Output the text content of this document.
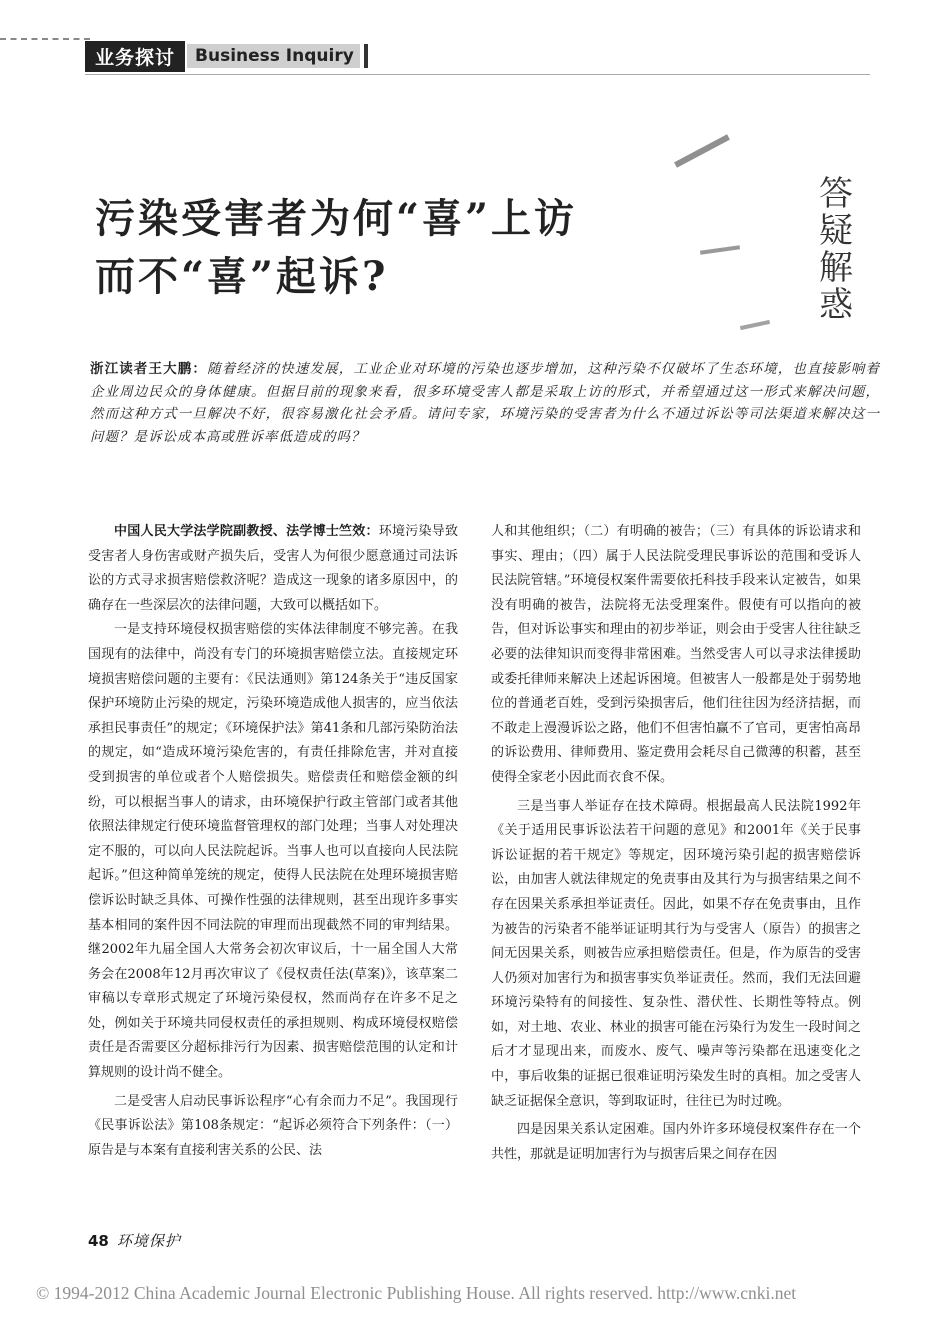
业务探讨	Business Inquiry
污染受害者为何“喜”上访
而不“喜”起诉?
答
疑
解
惑
浙江读者王大鹏：随着经济的快速发展，工业企业对环境的污染也逐步增加，这种污染不仅破坏了生态环境，也直接影响着企业周边民众的身体健康。但据目前的现象来看，很多环境受害人都是采取上访的形式，并希望通过这一形式来解决问题，然而这种方式一旦解决不好，很容易激化社会矛盾。请问专家，环境污染的受害者为什么不通过诉讼等司法渠道来解决这一问题？是诉讼成本高或胜诉率低造成的吗？

中国人民大学法学院副教授、法学博士竺效：环境污染导致受害者人身伤害或财产损失后，受害人为何很少愿意通过司法诉讼的方式寻求损害赔偿救济呢？造成这一现象的诸多原因中，的确存在一些深层次的法律问题，大致可以概括如下。

一是支持环境侵权损害赔偿的实体法律制度不够完善。在我国现有的法律中，尚没有专门的环境损害赔偿立法。直接规定环境损害赔偿问题的主要有：《民法通则》第124条关于“违反国家保护环境防止污染的规定，污染环境造成他人损害的，应当依法承担民事责任”的规定；《环境保护法》第41条和几部污染防治法的规定，如“造成环境污染危害的，有责任排除危害，并对直接受到损害的单位或者个人赔偿损失。赔偿责任和赔偿金额的纠纷，可以根据当事人的请求，由环境保护行政主管部门或者其他依照法律规定行使环境监督管理权的部门处理；当事人对处理决定不服的，可以向人民法院起诉。当事人也可以直接向人民法院起诉。”但这种简单笼统的规定，使得人民法院在处理环境损害赔偿诉讼时缺乏具体、可操作性强的法律规则，甚至出现许多事实基本相同的案件因不同法院的审理而出现截然不同的审判结果。继2002年九届全国人大常务会初次审议后，十一届全国人大常务会在2008年12月再次审议了《侵权责任法(草案)》，该草案二审稿以专章形式规定了环境污染侵权，然而尚存在许多不足之处，例如关于环境共同侵权责任的承担规则、构成环境侵权赔偿责任是否需要区分超标排污行为因素、损害赔偿范围的认定和计算规则的设计尚不健全。

二是受害人启动民事诉讼程序“心有余而力不足”。我国现行《民事诉讼法》第108条规定：“起诉必须符合下列条件：（一）原告是与本案有直接利害关系的公民、法

人和其他组织；（二）有明确的被告；（三）有具体的诉讼请求和事实、理由；（四）属于人民法院受理民事诉讼的范围和受诉人民法院管辖。”环境侵权案件需要依托科技手段来认定被告，如果没有明确的被告，法院将无法受理案件。假使有可以指向的被告，但对诉讼事实和理由的初步举证，则会由于受害人往往缺乏必要的法律知识而变得非常困难。当然受害人可以寻求法律援助或委托律师来解决上述起诉困境。但被害人一般都是处于弱势地位的普通老百姓，受到污染损害后，他们往往因为经济拮据，而不敢走上漫漫诉讼之路，他们不但害怕赢不了官司，更害怕高昂的诉讼费用、律师费用、鉴定费用会耗尽自己微薄的积蓄，甚至使得全家老小因此而衣食不保。

三是当事人举证存在技术障碍。根据最高人民法院1992年《关于适用民事诉讼法若干问题的意见》和2001年《关于民事诉讼证据的若干规定》等规定，因环境污染引起的损害赔偿诉讼，由加害人就法律规定的免责事由及其行为与损害结果之间不存在因果关系承担举证责任。因此，如果不存在免责事由，且作为被告的污染者不能举证证明其行为与受害人（原告）的损害之间无因果关系，则被告应承担赔偿责任。但是，作为原告的受害人仍须对加害行为和损害事实负举证责任。然而，我们无法回避环境污染特有的间接性、复杂性、潜伏性、长期性等特点。例如，对土地、农业、林业的损害可能在污染行为发生一段时间之后才才显现出来，而废水、废气、噪声等污染都在迅速变化之中，事后收集的证据已很难证明污染发生时的真相。加之受害人缺乏证据保全意识，等到取证时，往往已为时过晚。

四是因果关系认定困难。国内外许多环境侵权案件存在一个共性，那就是证明加害行为与损害后果之间存在因

48 环境保护
© 1994-2012 China Academic Journal Electronic Publishing House. All rights reserved. http://www.cnki.net
